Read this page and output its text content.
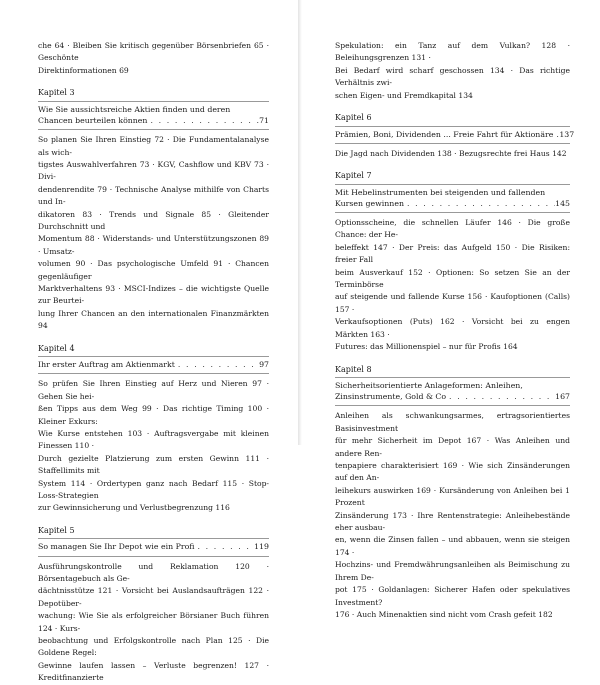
che 64 · Bleiben Sie kritisch gegenüber Börsenbriefen 65 · Geschönte
Direktinformationen 69

Kapitel 3
Wie Sie aussichtsreiche Aktien finden und deren
Chancen beurteilen können . . .	71

So planen Sie Ihren Einstieg 72 · Die Fundamentalanalyse als wich-
tigstes Auswahlverfahren 73 · KGV, Cashflow und KBV 73 · Divi-
dendenrendite 79 · Technische Analyse mithilfe von Charts und In-
dikatoren 83 · Trends und Signale 85 · Gleitender Durchschnitt und
Momentum 88 · Widerstands- und Unterstützungszonen 89 · Umsatz-
volumen 90 · Das psychologische Umfeld 91 · Chancen gegenläufiger
Marktverhaltens 93 · MSCI-Indizes – die wichtigste Quelle zur Beurtei-
lung Ihrer Chancen an den internationalen Finanzmärkten 94

Kapitel 4
Ihr erster Auftrag am Aktienmarkt . . .	97

So prüfen Sie Ihren Einstieg auf Herz und Nieren 97 · Gehen Sie hei-
ßen Tipps aus dem Weg 99 · Das richtige Timing 100 · Kleiner Exkurs:
Wie Kurse entstehen 103 · Auftragsvergabe mit kleinen Finessen 110 ·
Durch gezielte Platzierung zum ersten Gewinn 111 · Staffellimits mit
System 114 · Ordertypen ganz nach Bedarf 115 · Stop-Loss-Strategien
zur Gewinnsicherung und Verlustbegrenzung 116

Kapitel 5
So managen Sie Ihr Depot wie ein Profi . . .	119

Ausführungskontrolle und Reklamation 120 · Börsentagebuch als Ge-
dächtnisstütze 121 · Vorsicht bei Auslandsaufträgen 122 · Depotüber-
wachung: Wie Sie als erfolgreicher Börsianer Buch führen 124 · Kurs-
beobachtung und Erfolgskontrolle nach Plan 125 · Die Goldene Regel:
Gewinne laufen lassen – Verluste begrenzen! 127 · Kreditfinanzierte

Spekulation: ein Tanz auf dem Vulkan? 128 · Beleihungsgrenzen 131 ·
Bei Bedarf wird scharf geschossen 134 · Das richtige Verhältnis zwi-
schen Eigen- und Fremdkapital 134

Kapitel 6
Prämien, Boni, Dividenden ... Freie Fahrt für Aktionäre . . . 137

Die Jagd nach Dividenden 138 · Bezugsrechte frei Haus 142

Kapitel 7
Mit Hebelinstrumenten bei steigenden und fallenden
Kursen gewinnen . . .	145

Optionsscheine, die schnellen Läufer 146 · Die große Chance: der He-
beleffekt 147 · Der Preis: das Aufgeld 150 · Die Risiken: freier Fall
beim Ausverkauf 152 · Optionen: So setzen Sie an der Terminbörse
auf steigende und fallende Kurse 156 · Kaufoptionen (Calls) 157 ·
Verkaufsoptionen (Puts) 162 · Vorsicht bei zu engen Märkten 163 ·
Futures: das Millionenspiel – nur für Profis 164

Kapitel 8
Sicherheitsorientierte Anlageformen: Anleihen,
Zinsinstrumente, Gold & Co . . .	167

Anleihen als schwankungsarmes, ertragsorientiertes Basisinvestment
für mehr Sicherheit im Depot 167 · Was Anleihen und andere Ren-
tenpapiere charakterisiert 169 · Wie sich Zinsänderungen auf den An-
leihekurs auswirken 169 · Kursänderung von Anleihen bei 1 Prozent
Zinsänderung 173 · Ihre Rentenstrategie: Anleihebestände eher ausbau-
en, wenn die Zinsen fallen – und abbauen, wenn sie steigen 174 ·
Hochzins- und Fremdwährungsanleihen als Beimischung zu Ihrem De-
pot 175 · Goldanlagen: Sicherer Hafen oder spekulatives Investment?
176 · Auch Minenaktien sind nicht vom Crash gefeit 182
